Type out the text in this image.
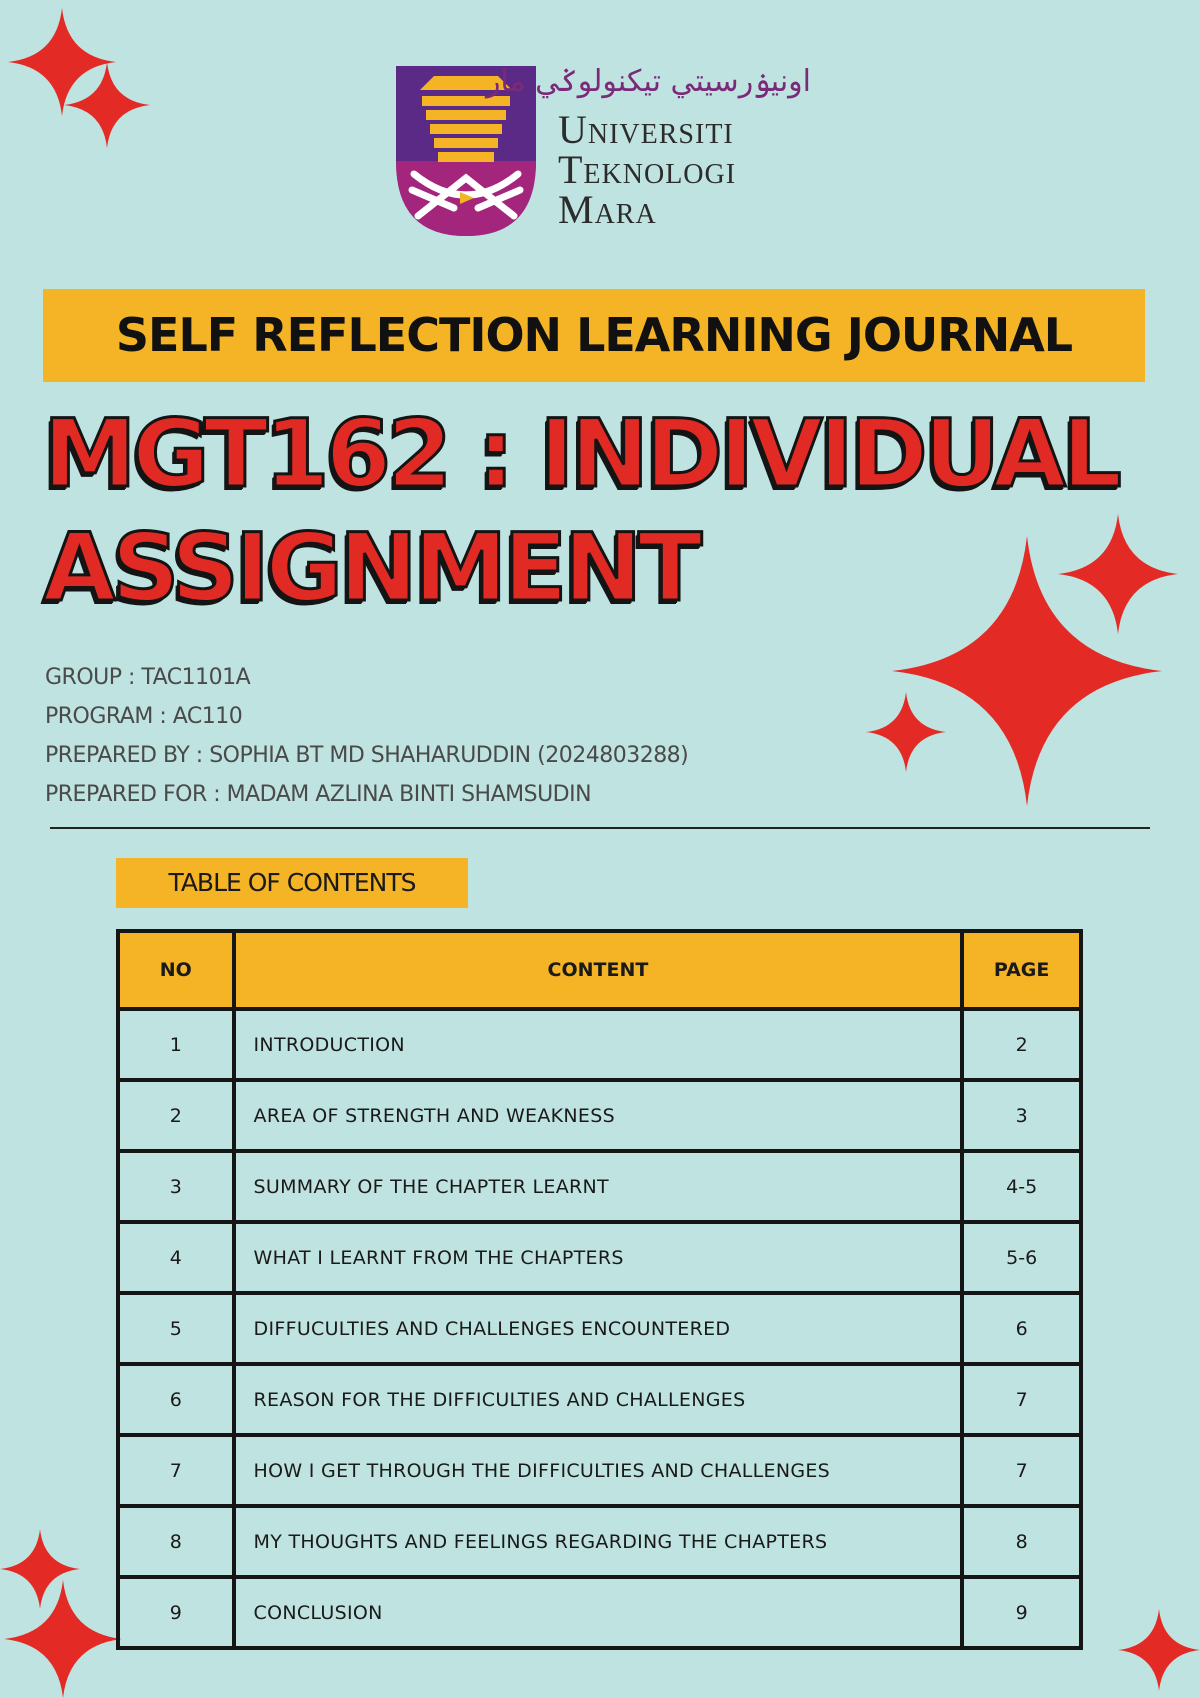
اونيۏرسيتي تيكنولوݢي مار
Universiti
Teknologi
Mara
SELF REFLECTION LEARNING JOURNAL
MGT162 : INDIVIDUAL
ASSIGNMENT
GROUP : TAC1101A
PROGRAM : AC110
PREPARED BY : SOPHIA BT MD SHAHARUDDIN (2024803288)
PREPARED FOR : MADAM AZLINA BINTI SHAMSUDIN
TABLE OF CONTENTS
NO	CONTENT	PAGE
1	INTRODUCTION	2
2	AREA OF STRENGTH AND WEAKNESS	3
3	SUMMARY OF THE CHAPTER LEARNT	4-5
4	WHAT I LEARNT FROM THE CHAPTERS	5-6
5	DIFFUCULTIES AND CHALLENGES ENCOUNTERED	6
6	REASON FOR THE DIFFICULTIES AND CHALLENGES	7
7	HOW I GET THROUGH THE DIFFICULTIES AND CHALLENGES	7
8	MY THOUGHTS AND FEELINGS REGARDING THE CHAPTERS	8
9	CONCLUSION	9
